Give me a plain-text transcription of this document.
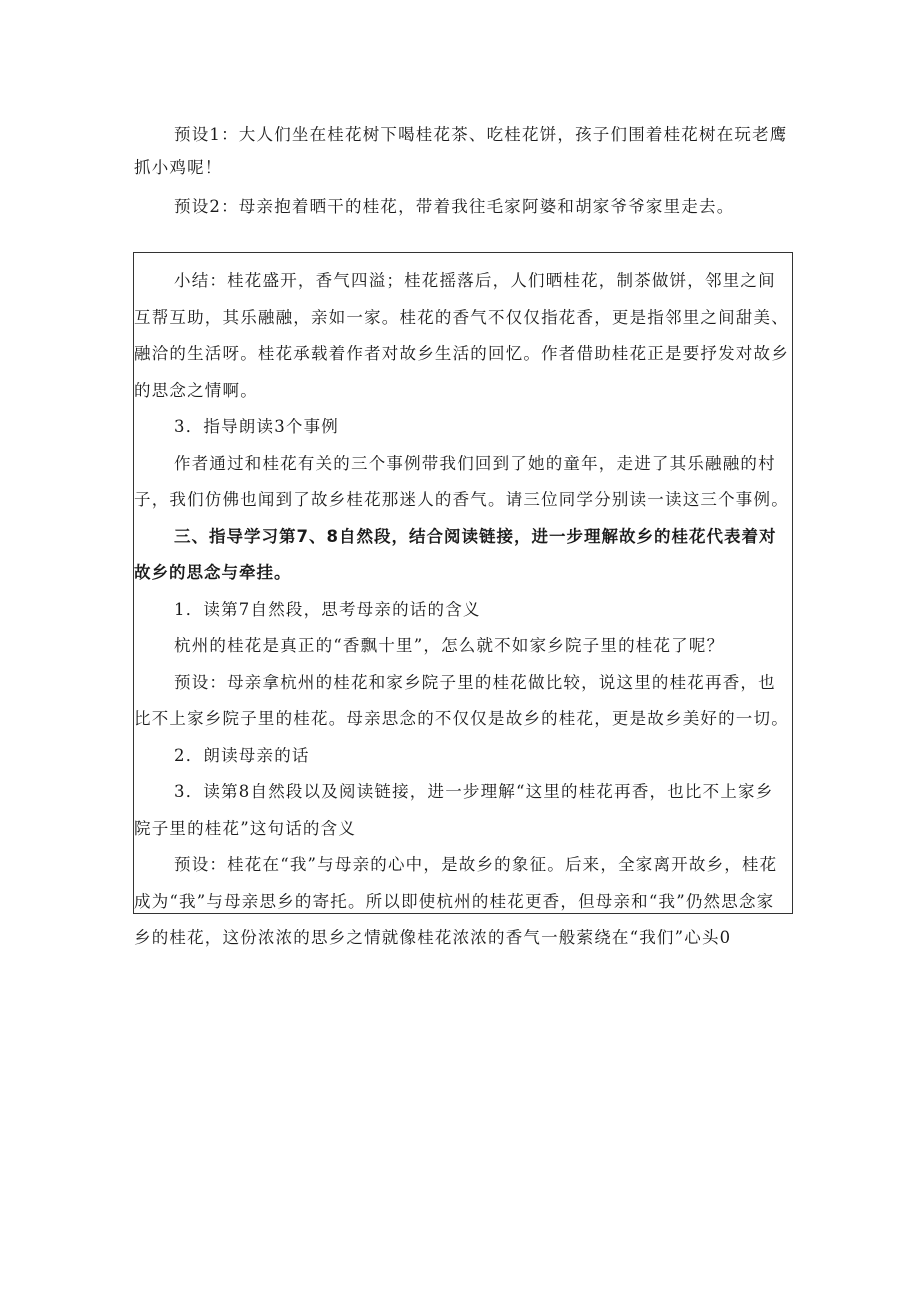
预设1：大人们坐在桂花树下喝桂花茶、吃桂花饼，孩子们围着桂花树在玩老鹰抓小鸡呢！

预设2：母亲抱着晒干的桂花，带着我往毛家阿婆和胡家爷爷家里走去。

小结：桂花盛开，香气四溢；桂花摇落后，人们晒桂花，制茶做饼，邻里之间互帮互助，其乐融融，亲如一家。桂花的香气不仅仅指花香，更是指邻里之间甜美、融洽的生活呀。桂花承载着作者对故乡生活的回忆。作者借助桂花正是要抒发对故乡的思念之情啊。

3．指导朗读3个事例

作者通过和桂花有关的三个事例带我们回到了她的童年，走进了其乐融融的村子，我们仿佛也闻到了故乡桂花那迷人的香气。请三位同学分别读一读这三个事例。

三、指导学习第7、8自然段，结合阅读链接，进一步理解故乡的桂花代表着对故乡的思念与牵挂。

1．读第7自然段，思考母亲的话的含义

杭州的桂花是真正的“香飘十里”，怎么就不如家乡院子里的桂花了呢？

预设：母亲拿杭州的桂花和家乡院子里的桂花做比较，说这里的桂花再香，也比不上家乡院子里的桂花。母亲思念的不仅仅是故乡的桂花，更是故乡美好的一切。

2．朗读母亲的话

3．读第8自然段以及阅读链接，进一步理解“这里的桂花再香，也比不上家乡院子里的桂花”这句话的含义

预设：桂花在“我”与母亲的心中，是故乡的象征。后来，全家离开故乡，桂花成为“我”与母亲思乡的寄托。所以即使杭州的桂花更香，但母亲和“我”仍然思念家乡的桂花，这份浓浓的思乡之情就像桂花浓浓的香气一般萦绕在“我们”心头0
